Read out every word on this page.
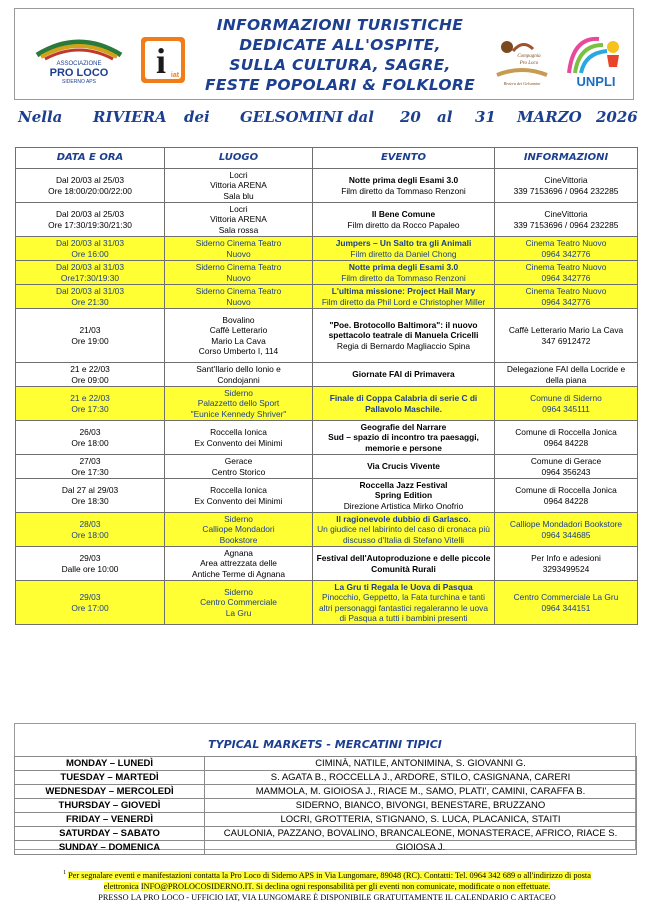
ASSOCIAZIONE
PRO LOCO
SIDERNO APS
i iat
INFORMAZIONI TURISTICHE
DEDICATE ALL'OSPITE,
SULLA CULTURA, SAGRE,
FESTE POPOLARI & FOLKLORE
Compagnia
Pro Loco
Riviera dei Gelsomini	UNPLI
Nella RIVIERA dei GELSOMINI dal 20 al 31 MARZO 2026
DATA E ORA	LUOGO	EVENTO	INFORMAZIONI

Dal 20/03 al 25/03
Ore 18:00/20:00/22:00	Locri
Vittoria ARENA
Sala blu	Notte prima degli Esami 3.0
Film diretto da Tommaso Renzoni	CineVittoria
339 7153696 / 0964 232285

Dal 20/03 al 25/03
Ore 17:30/19:30/21:30	Locri
Vittoria ARENA
Sala rossa	Il Bene Comune
Film diretto da Rocco Papaleo	CineVittoria
339 7153696 / 0964 232285

Dal 20/03 al 31/03
Ore 16:00	Siderno Cinema Teatro
Nuovo	Jumpers – Un Salto tra gli Animali
Film diretto da Daniel Chong	Cinema Teatro Nuovo
0964 342776

Dal 20/03 al 31/03
Ore17:30/19:30	Siderno Cinema Teatro
Nuovo	Notte prima degli Esami 3.0
Film diretto da Tommaso Renzoni	Cinema Teatro Nuovo
0964 342776

Dal 20/03 al 31/03
Ore 21:30	Siderno Cinema Teatro
Nuovo	L'ultima missione: Project Hail Mary
Film diretto da Phil Lord e Christopher Miller	Cinema Teatro Nuovo
0964 342776

21/03
Ore 19:00	Bovalino
Caffè Letterario
Mario La Cava
Corso Umberto I, 114	"Poe. Brotocollo Baltimora": il nuovo
spettacolo teatrale di Manuela Cricelli
Regia di Bernardo Magliaccio Spina	Caffè Letterario Mario La Cava
347 6912472

21 e 22/03
Ore 09:00	Sant'Ilario dello Ionio e
Condojanni	Giornate FAI di Primavera	Delegazione FAI della Locride e
della piana

21 e 22/03
Ore 17:30	Siderno
Palazzetto dello Sport
"Eunice Kennedy Shriver"	Finale di Coppa Calabria di serie C di
Pallavolo Maschile.	Comune di Siderno
0964 345111

26/03
Ore 18:00	Roccella Ionica
Ex Convento dei Minimi	Geografie del Narrare
Sud – spazio di incontro tra paesaggi,
memorie e persone	Comune di Roccella Jonica
0964 84228

27/03
Ore 17:30	Gerace
Centro Storico	Via Crucis Vivente	Comune di Gerace
0964 356243

Dal 27 al 29/03
Ore 18:30	Roccella Ionica
Ex Convento dei Minimi	Roccella Jazz Festival
Spring Edition
Direzione Artistica Mirko Onofrio	Comune di Roccella Jonica
0964 84228

28/03
Ore 18:00	Siderno
Calliope Mondadori
Bookstore	Il ragionevole dubbio di Garlasco.
Un giudice nel labirinto del caso di cronaca più
discusso d'Italia di Stefano Vitelli	Calliope Mondadori Bookstore
0964 344685

29/03
Dalle ore 10:00	Agnana
Area attrezzata delle
Antiche Terme di Agnana	Festival dell'Autoproduzione e delle piccole
Comunità Rurali	Per Info e adesioni
3293499524

29/03
Ore 17:00	Siderno
Centro Commerciale
La Gru	La Gru ti Regala le Uova di Pasqua
Pinocchio, Geppetto, la Fata turchina e tanti
altri personaggi fantastici regaleranno le uova
di Pasqua a tutti i bambini presenti	Centro Commerciale La Gru
0964 344151
TYPICAL MARKETS - MERCATINI TIPICI
MONDAY – LUNEDÌ	CIMINÀ, NATILE, ANTONIMINA, S. GIOVANNI G.
TUESDAY – MARTEDÌ	S. AGATA B., ROCCELLA J., ARDORE, STILO, CASIGNANA, CARERI
WEDNESDAY – MERCOLEDÌ	MAMMOLA, M. GIOIOSA J., RIACE M., SAMO, PLATI', CAMINI, CARAFFA B.
THURSDAY – GIOVEDÌ	SIDERNO, BIANCO, BIVONGI, BENESTARE, BRUZZANO
FRIDAY – VENERDÌ	LOCRI, GROTTERIA, STIGNANO, S. LUCA, PLACANICA, STAITI
SATURDAY – SABATO	CAULONIA, PAZZANO, BOVALINO, BRANCALEONE, MONASTERACE, AFRICO, RIACE S.
SUNDAY – DOMENICA	GIOIOSA J.
$^1$ Per segnalare eventi e manifestazioni contatta la Pro Loco di Siderno APS in Via Lungomare, 89048 (RC). Contatti: Tel. 0964 342 689 o all'indirizzo di posta
elettronica INFO@PROLOCOSIDERNO.IT. Si declina ogni responsabilità per gli eventi non comunicate, modificate o non effettuate.
PRESSO LA PRO LOCO - UFFICIO IAT, VIA LUNGOMARE È DISPONIBILE GRATUITAMENTE IL CALENDARIO C ARTACEO
